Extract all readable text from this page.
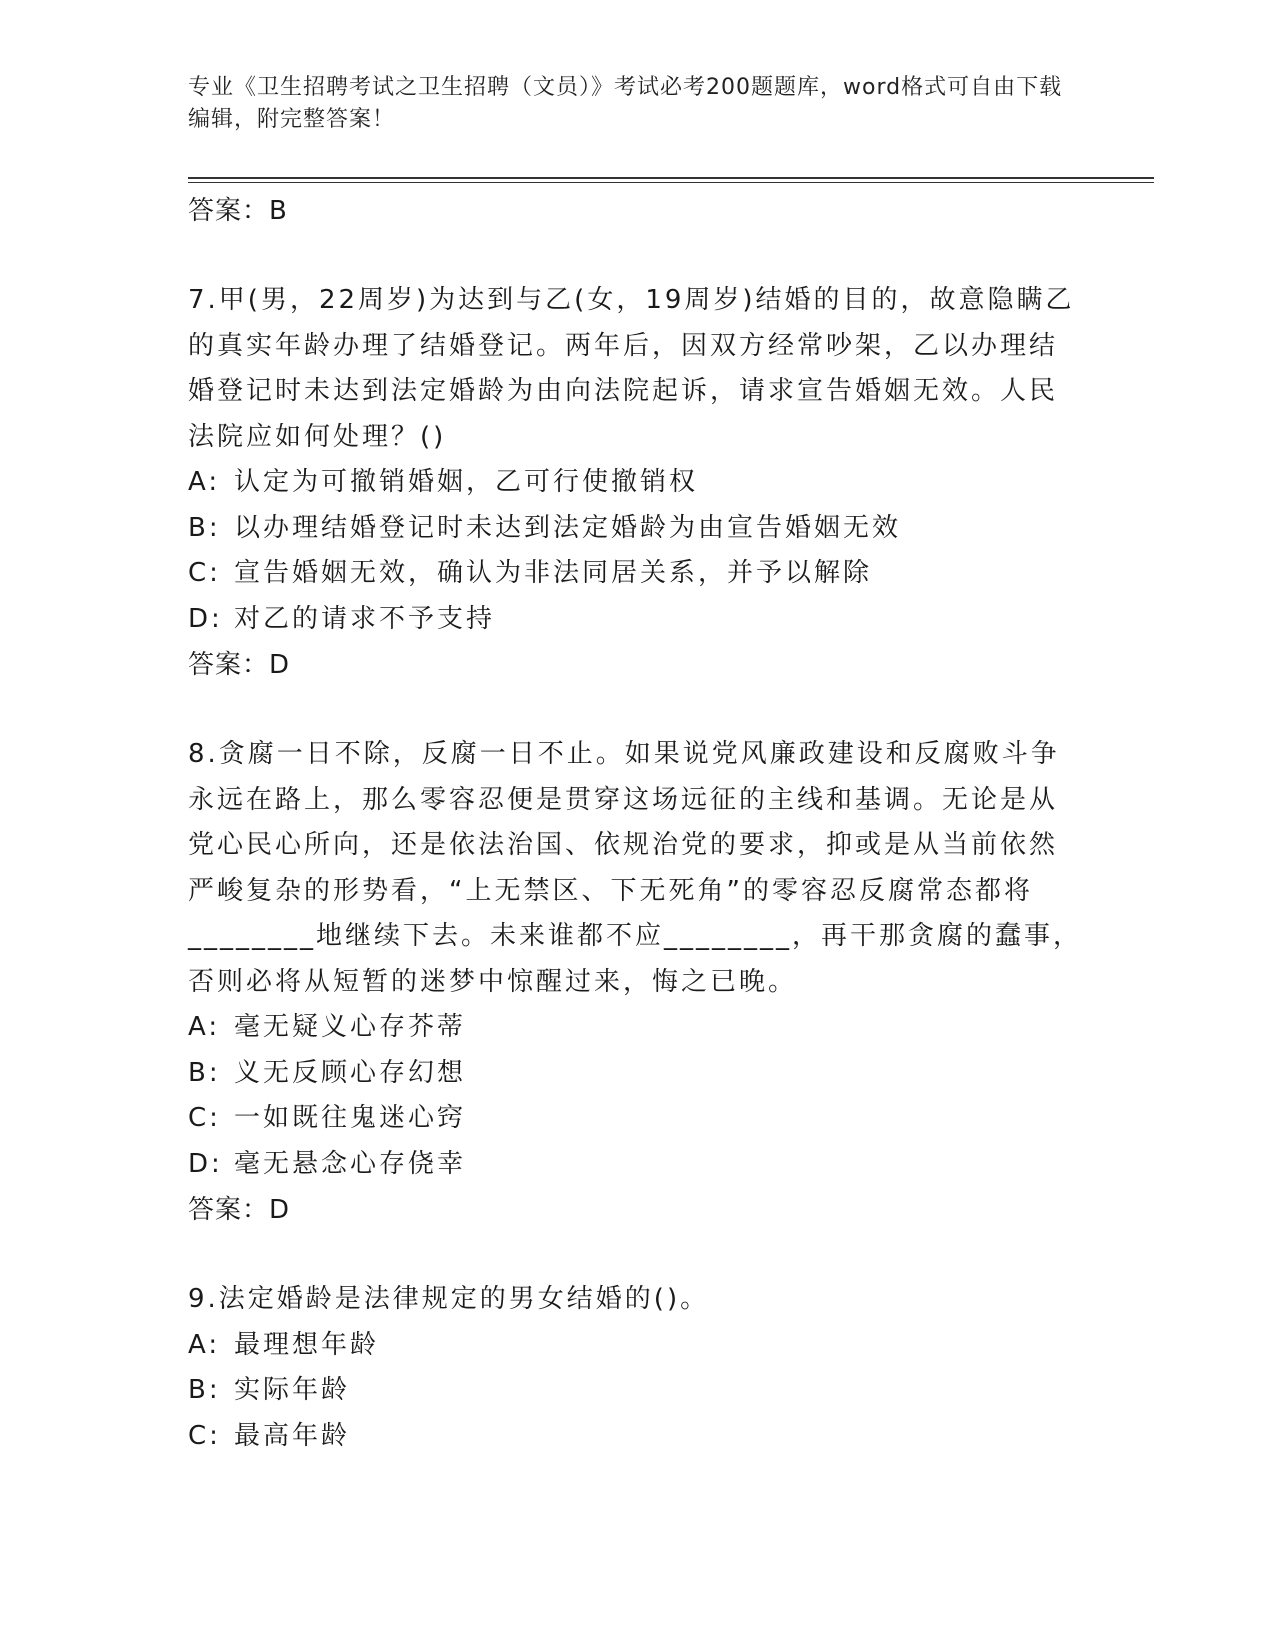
专业《卫生招聘考试之卫生招聘（文员）》考试必考200题题库，word格式可自由下载编辑，附完整答案！
答案：B
7.甲(男，22周岁)为达到与乙(女，19周岁)结婚的目的，故意隐瞒乙
的真实年龄办理了结婚登记。两年后，因双方经常吵架，乙以办理结
婚登记时未达到法定婚龄为由向法院起诉，请求宣告婚姻无效。人民
法院应如何处理？()
A: 认定为可撤销婚姻，乙可行使撤销权
B: 以办理结婚登记时未达到法定婚龄为由宣告婚姻无效
C: 宣告婚姻无效，确认为非法同居关系，并予以解除
D: 对乙的请求不予支持
答案：D
8.贪腐一日不除，反腐一日不止。如果说党风廉政建设和反腐败斗争
永远在路上，那么零容忍便是贯穿这场远征的主线和基调。无论是从
党心民心所向，还是依法治国、依规治党的要求，抑或是从当前依然
严峻复杂的形势看，“上无禁区、下无死角”的零容忍反腐常态都将
________地继续下去。未来谁都不应________，再干那贪腐的蠢事，
否则必将从短暂的迷梦中惊醒过来，悔之已晚。
A: 毫无疑义心存芥蒂
B: 义无反顾心存幻想
C: 一如既往鬼迷心窍
D: 毫无悬念心存侥幸
答案：D
9.法定婚龄是法律规定的男女结婚的()。
A: 最理想年龄
B: 实际年龄
C: 最高年龄
